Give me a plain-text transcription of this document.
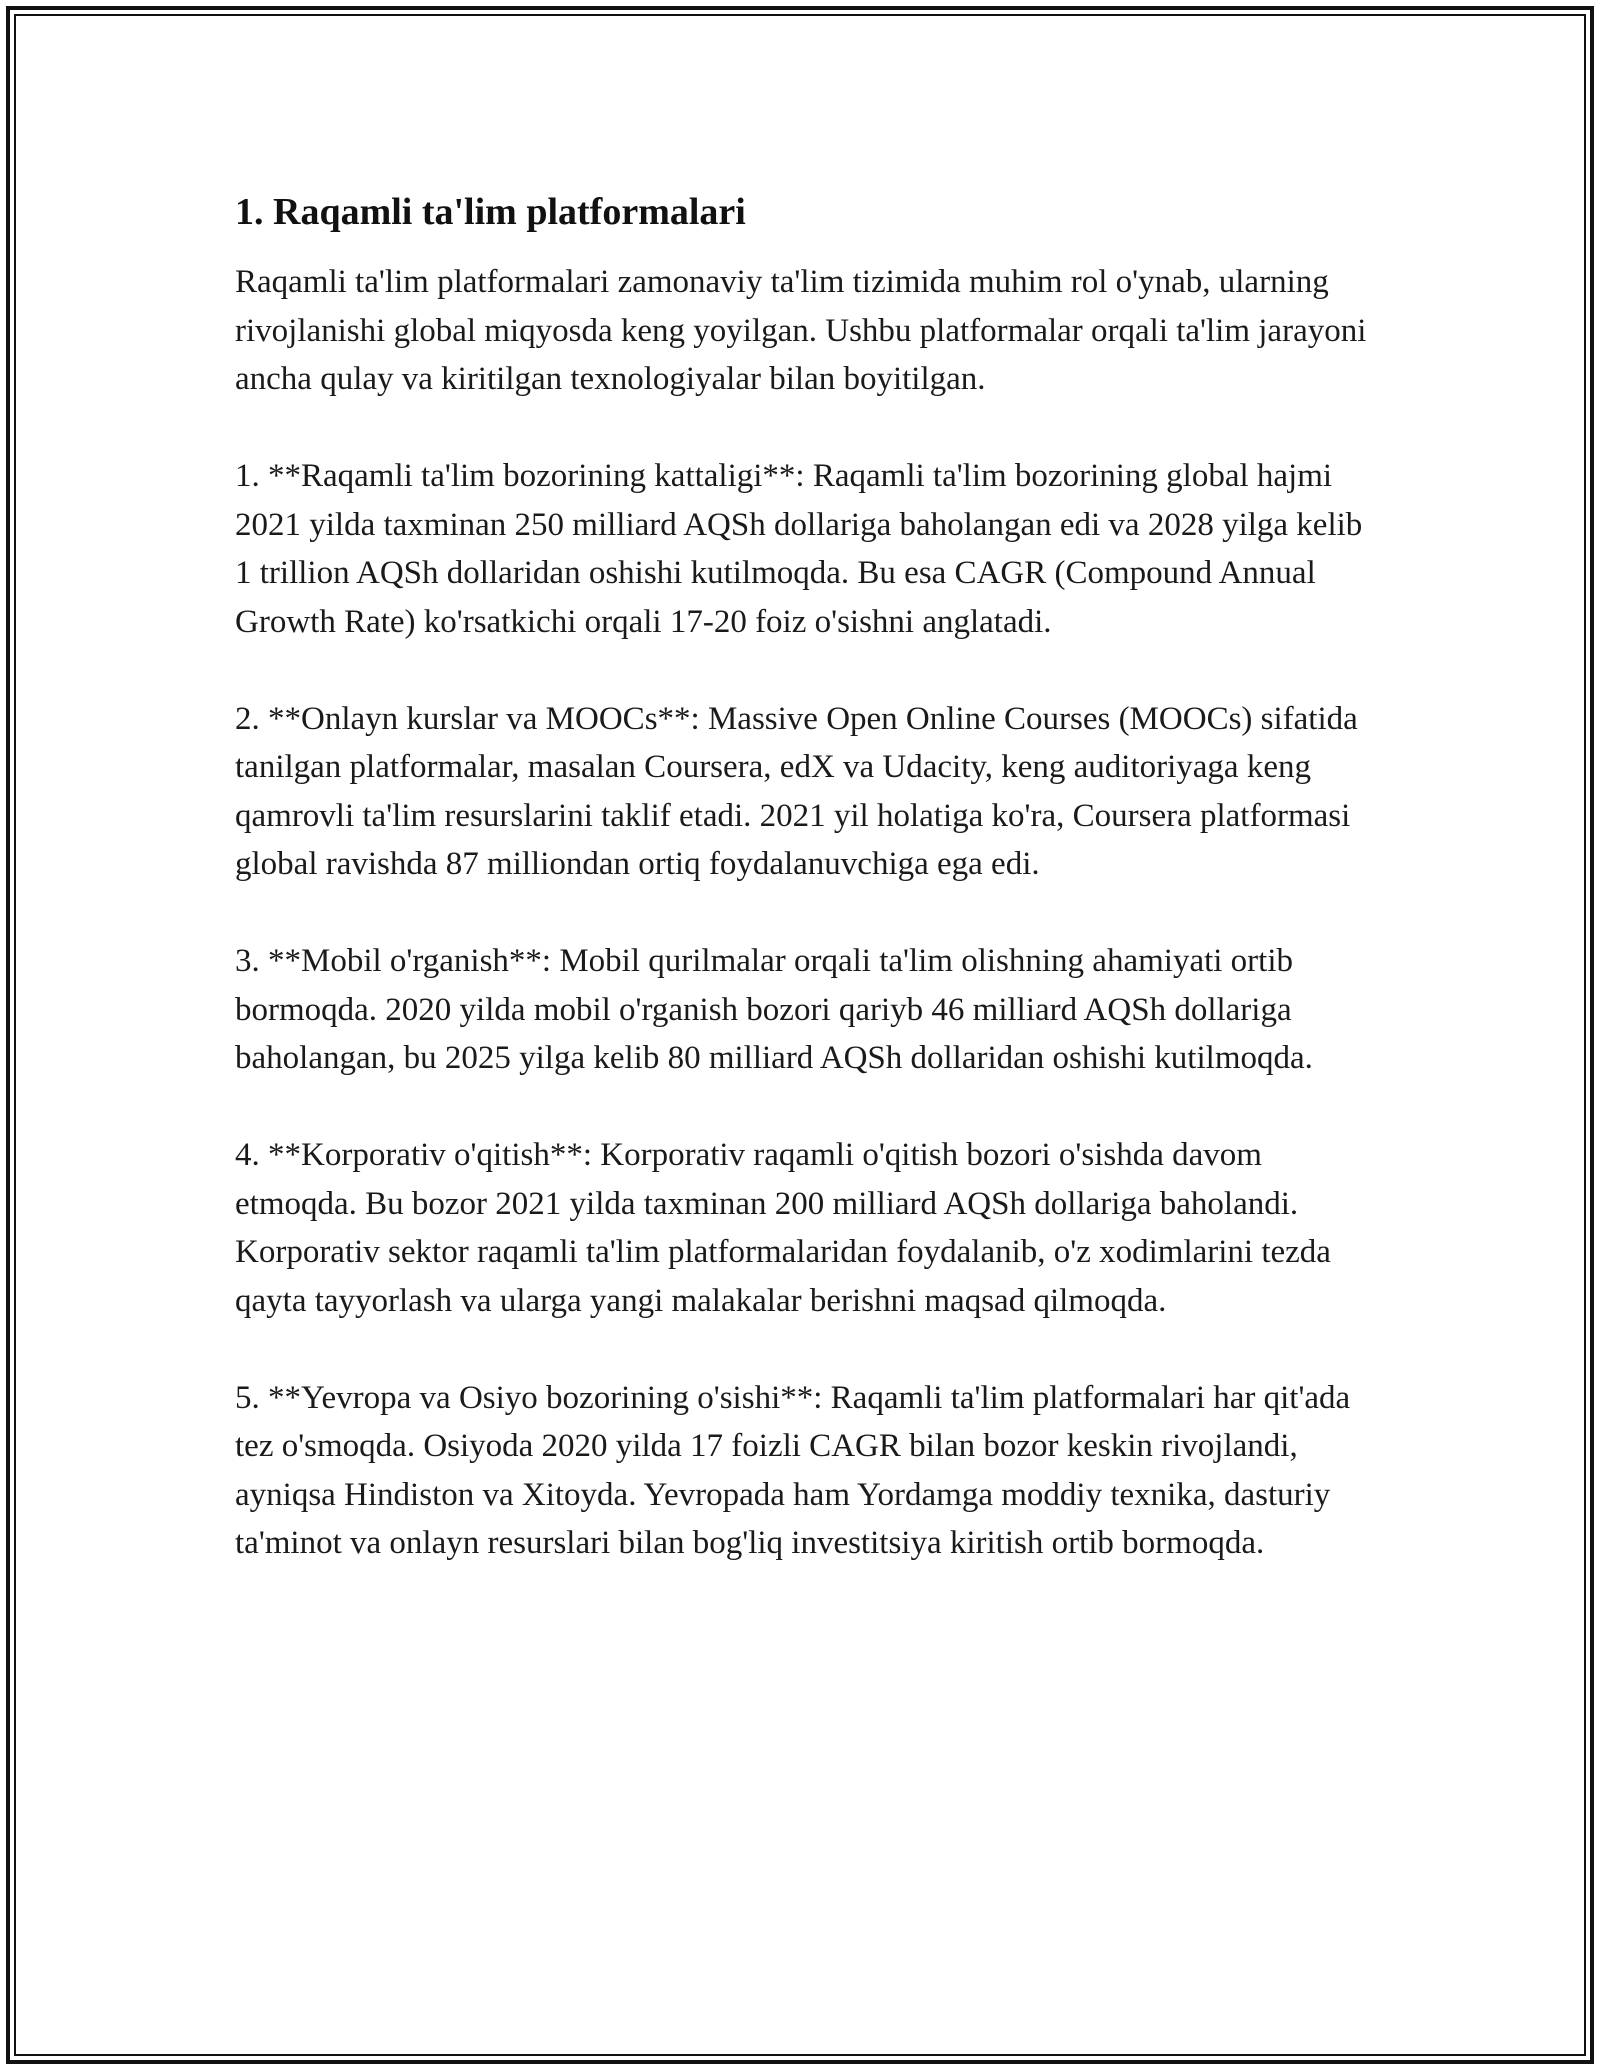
1. Raqamli ta'lim platformalari

Raqamli ta'lim platformalari zamonaviy ta'lim tizimida muhim rol o'ynab, ularning rivojlanishi global miqyosda keng yoyilgan. Ushbu platformalar orqali ta'lim jarayoni ancha qulay va kiritilgan texnologiyalar bilan boyitilgan.

1. **Raqamli ta'lim bozorining kattaligi**: Raqamli ta'lim bozorining global hajmi 2021 yilda taxminan 250 milliard AQSh dollariga baholangan edi va 2028 yilga kelib 1 trillion AQSh dollaridan oshishi kutilmoqda. Bu esa CAGR (Compound Annual Growth Rate) ko'rsatkichi orqali 17-20 foiz o'sishni anglatadi.

2. **Onlayn kurslar va MOOCs**: Massive Open Online Courses (MOOCs) sifatida tanilgan platformalar, masalan Coursera, edX va Udacity, keng auditoriyaga keng qamrovli ta'lim resurslarini taklif etadi. 2021 yil holatiga ko'ra, Coursera platformasi global ravishda 87 milliondan ortiq foydalanuvchiga ega edi.

3. **Mobil o'rganish**: Mobil qurilmalar orqali ta'lim olishning ahamiyati ortib bormoqda. 2020 yilda mobil o'rganish bozori qariyb 46 milliard AQSh dollariga baholangan, bu 2025 yilga kelib 80 milliard AQSh dollaridan oshishi kutilmoqda.

4. **Korporativ o'qitish**: Korporativ raqamli o'qitish bozori o'sishda davom etmoqda. Bu bozor 2021 yilda taxminan 200 milliard AQSh dollariga baholandi. Korporativ sektor raqamli ta'lim platformalaridan foydalanib, o'z xodimlarini tezda qayta tayyorlash va ularga yangi malakalar berishni maqsad qilmoqda.

5. **Yevropa va Osiyo bozorining o'sishi**: Raqamli ta'lim platformalari har qit'ada tez o'smoqda. Osiyoda 2020 yilda 17 foizli CAGR bilan bozor keskin rivojlandi, ayniqsa Hindiston va Xitoyda. Yevropada ham Yordamga moddiy texnika, dasturiy ta'minot va onlayn resurslari bilan bog'liq investitsiya kiritish ortib bormoqda.
